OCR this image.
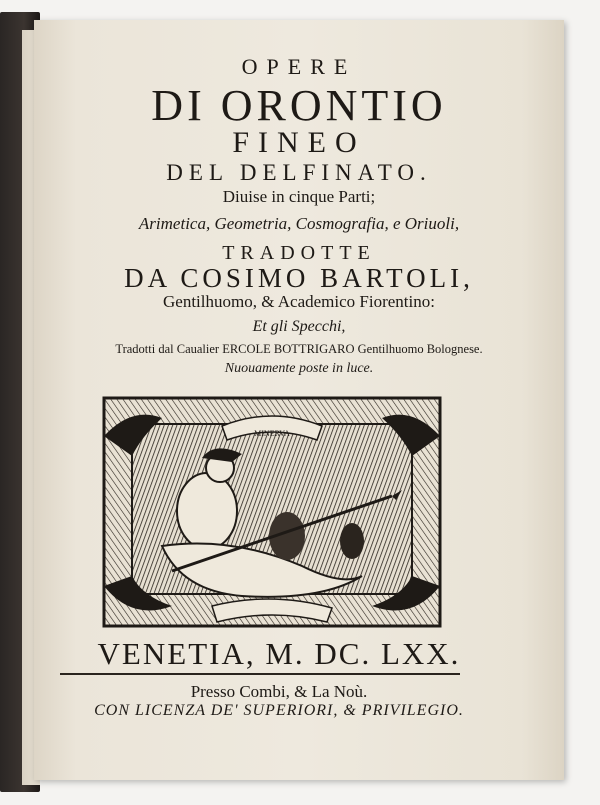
OPERE
DI ORONTIO
FINEO
DEL DELFINATO.
Diuise in cinque Parti;
Arimetica, Geometria, Cosmografia, e Oriuoli,
TRADOTTE
DA COSIMO BARTOLI,
Gentilhuomo, & Academico Fiorentino:
Et gli Specchi,
Tradotti dal Caualier ERCOLE BOTTRIGARO Gentilhuomo Bolognese.
Nuouamente poste in luce.
MINERVA
VENETIA, M. DC. LXX.
Presso Combi, & La Noù.
CON LICENZA DE' SUPERIORI, & PRIVILEGIO.
